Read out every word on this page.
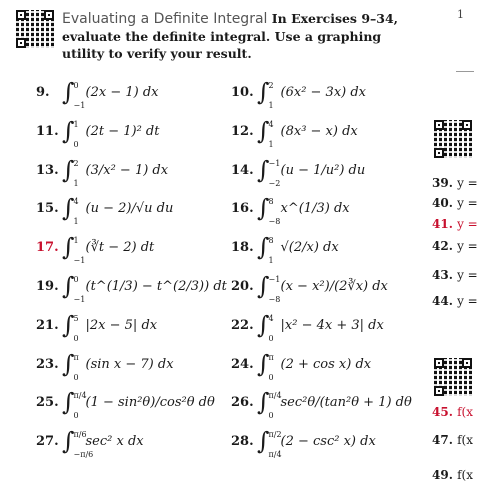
Evaluating a Definite Integral In Exercises 9–34, evaluate the definite integral. Use a graphing utility to verify your result.
1
9. ∫ 0
−1
(2x − 1) dx	10. ∫ 2
1
(6x² − 3x) dx
11. ∫ 1
0
(2t − 1)² dt	12. ∫ 4
1
(8x³ − x) dx
13. ∫ 2
1
(3/x² − 1) dx	14. ∫ −1
−2
(u − 1/u²) du
15. ∫ 4
1
(u − 2)/√u du	16. ∫ 8
−8
x^(1/3) dx
17. ∫ 1
−1
(∛t − 2) dt	18. ∫ 8
1
√(2/x) dx
19. ∫ 0
−1
(t^(1/3) − t^(2/3)) dt 20. ∫ −1
−8
(x − x²)/(2∛x) dx
21. ∫ 5
0
|2x − 5| dx	22. ∫ 4
0
|x² − 4x + 3| dx
23. ∫ π
0
(sin x − 7) dx	24. ∫ π
0
(2 + cos x) dx
25. ∫ π/4
0
(1 − sin²θ)/cos²θ dθ 26. ∫ π/4
0
sec²θ/(tan²θ + 1) dθ
27. ∫ π/6
−π/6
sec² x dx	28. ∫ π/2
π/4
(2 − csc² x) dx
39. y =
40. y =
41. y =
42. y =
43. y =
44. y =
45. f(x
47. f(x
49. f(x
